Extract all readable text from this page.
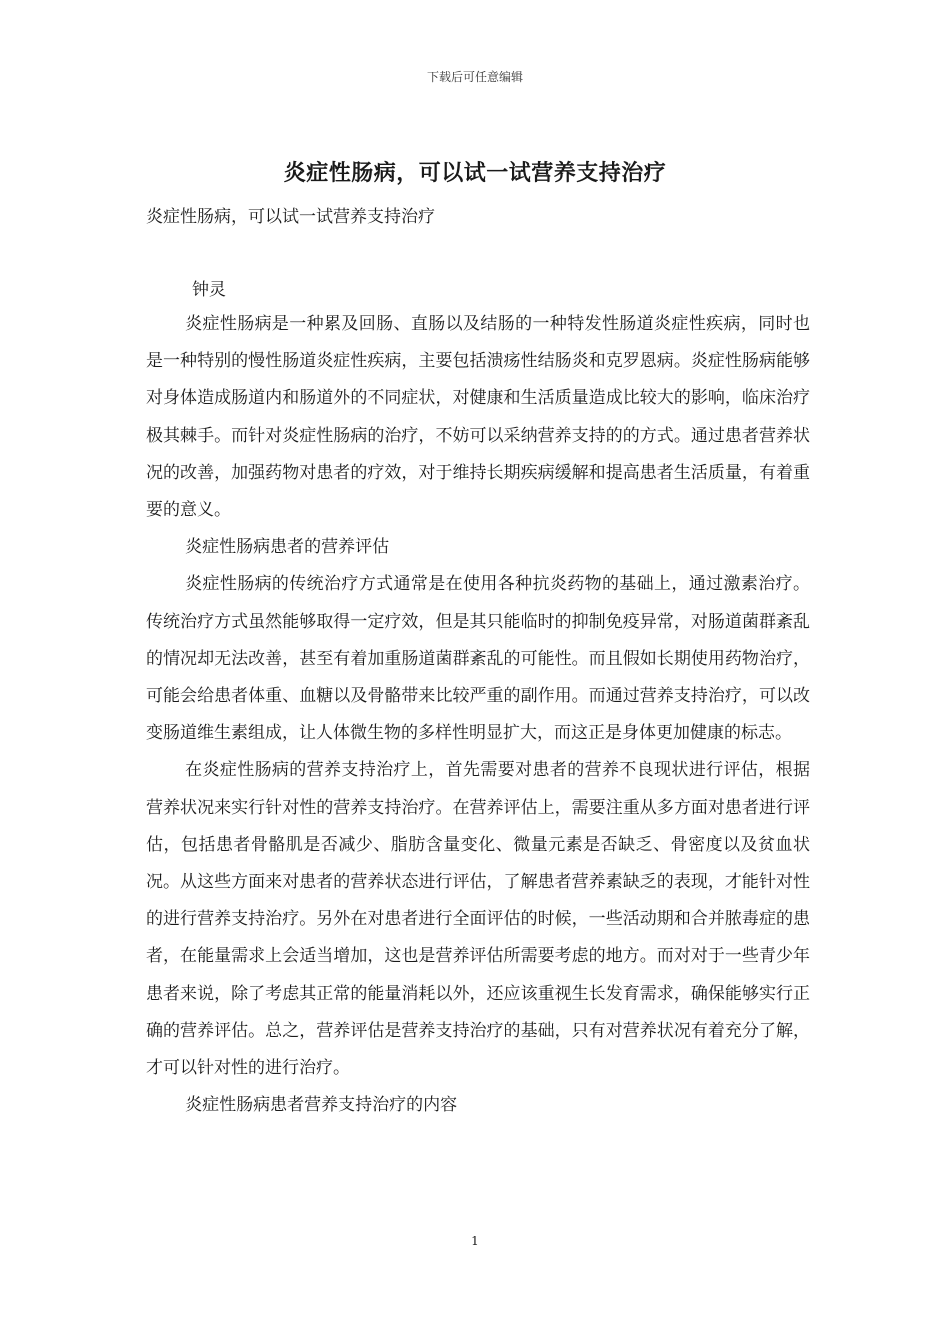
下载后可任意编辑
炎症性肠病，可以试一试营养支持治疗
炎症性肠病，可以试一试营养支持治疗
钟灵

炎症性肠病是一种累及回肠、直肠以及结肠的一种特发性肠道炎症性疾病，同时也是一种特别的慢性肠道炎症性疾病，主要包括溃疡性结肠炎和克罗恩病。炎症性肠病能够对身体造成肠道内和肠道外的不同症状，对健康和生活质量造成比较大的影响，临床治疗极其棘手。而针对炎症性肠病的治疗，不妨可以采纳营养支持的的方式。通过患者营养状况的改善，加强药物对患者的疗效，对于维持长期疾病缓解和提高患者生活质量，有着重要的意义。

炎症性肠病患者的营养评估

炎症性肠病的传统治疗方式通常是在使用各种抗炎药物的基础上，通过激素治疗。传统治疗方式虽然能够取得一定疗效，但是其只能临时的抑制免疫异常，对肠道菌群紊乱的情况却无法改善，甚至有着加重肠道菌群紊乱的可能性。而且假如长期使用药物治疗，可能会给患者体重、血糖以及骨骼带来比较严重的副作用。而通过营养支持治疗，可以改变肠道维生素组成，让人体微生物的多样性明显扩大，而这正是身体更加健康的标志。

在炎症性肠病的营养支持治疗上，首先需要对患者的营养不良现状进行评估，根据营养状况来实行针对性的营养支持治疗。在营养评估上，需要注重从多方面对患者进行评估，包括患者骨骼肌是否减少、脂肪含量变化、微量元素是否缺乏、骨密度以及贫血状况。从这些方面来对患者的营养状态进行评估，了解患者营养素缺乏的表现，才能针对性的进行营养支持治疗。另外在对患者进行全面评估的时候，一些活动期和合并脓毒症的患者，在能量需求上会适当增加，这也是营养评估所需要考虑的地方。而对对于一些青少年患者来说，除了考虑其正常的能量消耗以外，还应该重视生长发育需求，确保能够实行正确的营养评估。总之，营养评估是营养支持治疗的基础，只有对营养状况有着充分了解，才可以针对性的进行治疗。

炎症性肠病患者营养支持治疗的内容

1
